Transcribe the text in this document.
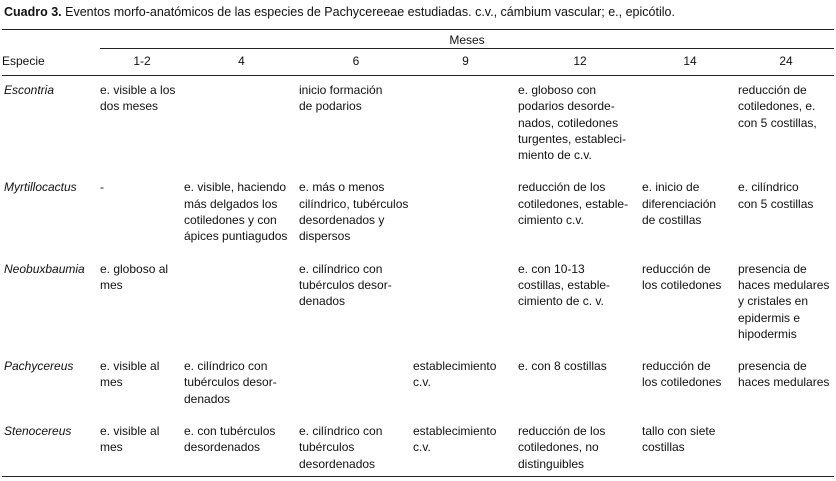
Cuadro 3. Eventos morfo-anatómicos de las especies de Pachycereeae estudiadas. c.v., cámbium vascular; e., epicótilo.
	Meses						
Especie	1-2	4	6	9	12	14	24
Escontria	e. visible a los
dos meses		inicio formación
de podarios		e. globoso con
podarios desorde-
nados, cotiledones
turgentes, estableci-
miento de c.v.		reducción de
cotiledones, e.
con 5 costillas,

Myrtillocactus	-	e. visible, haciendo
más delgados los
cotiledones y con
ápices puntiagudos	e. más o menos
cilíndrico, tubérculos
desordenados y
dispersos		reducción de los
cotiledones, estable-
cimiento c.v.	e. inicio de
diferenciación
de costillas	e. cilíndrico
con 5 costillas

Neobuxbaumia	e. globoso al
mes		e. cilíndrico con
tubérculos desor-
denados		e. con 10-13
costillas, estable-
cimiento de c. v.	reducción de
los cotiledones	presencia de
haces medulares
y cristales en
epidermis e
hipodermis

Pachycereus	e. visible al
mes	e. cilíndrico con
tubérculos desor-
denados		establecimiento
c.v.	e. con 8 costillas	reducción de
los cotiledones	presencia de
haces medulares

Stenocereus	e. visible al
mes	e. con tubérculos
desordenados	e. cilíndrico con
tubérculos
desordenados	establecimiento
c.v.	reducción de los
cotiledones, no
distinguibles	tallo con siete
costillas	
